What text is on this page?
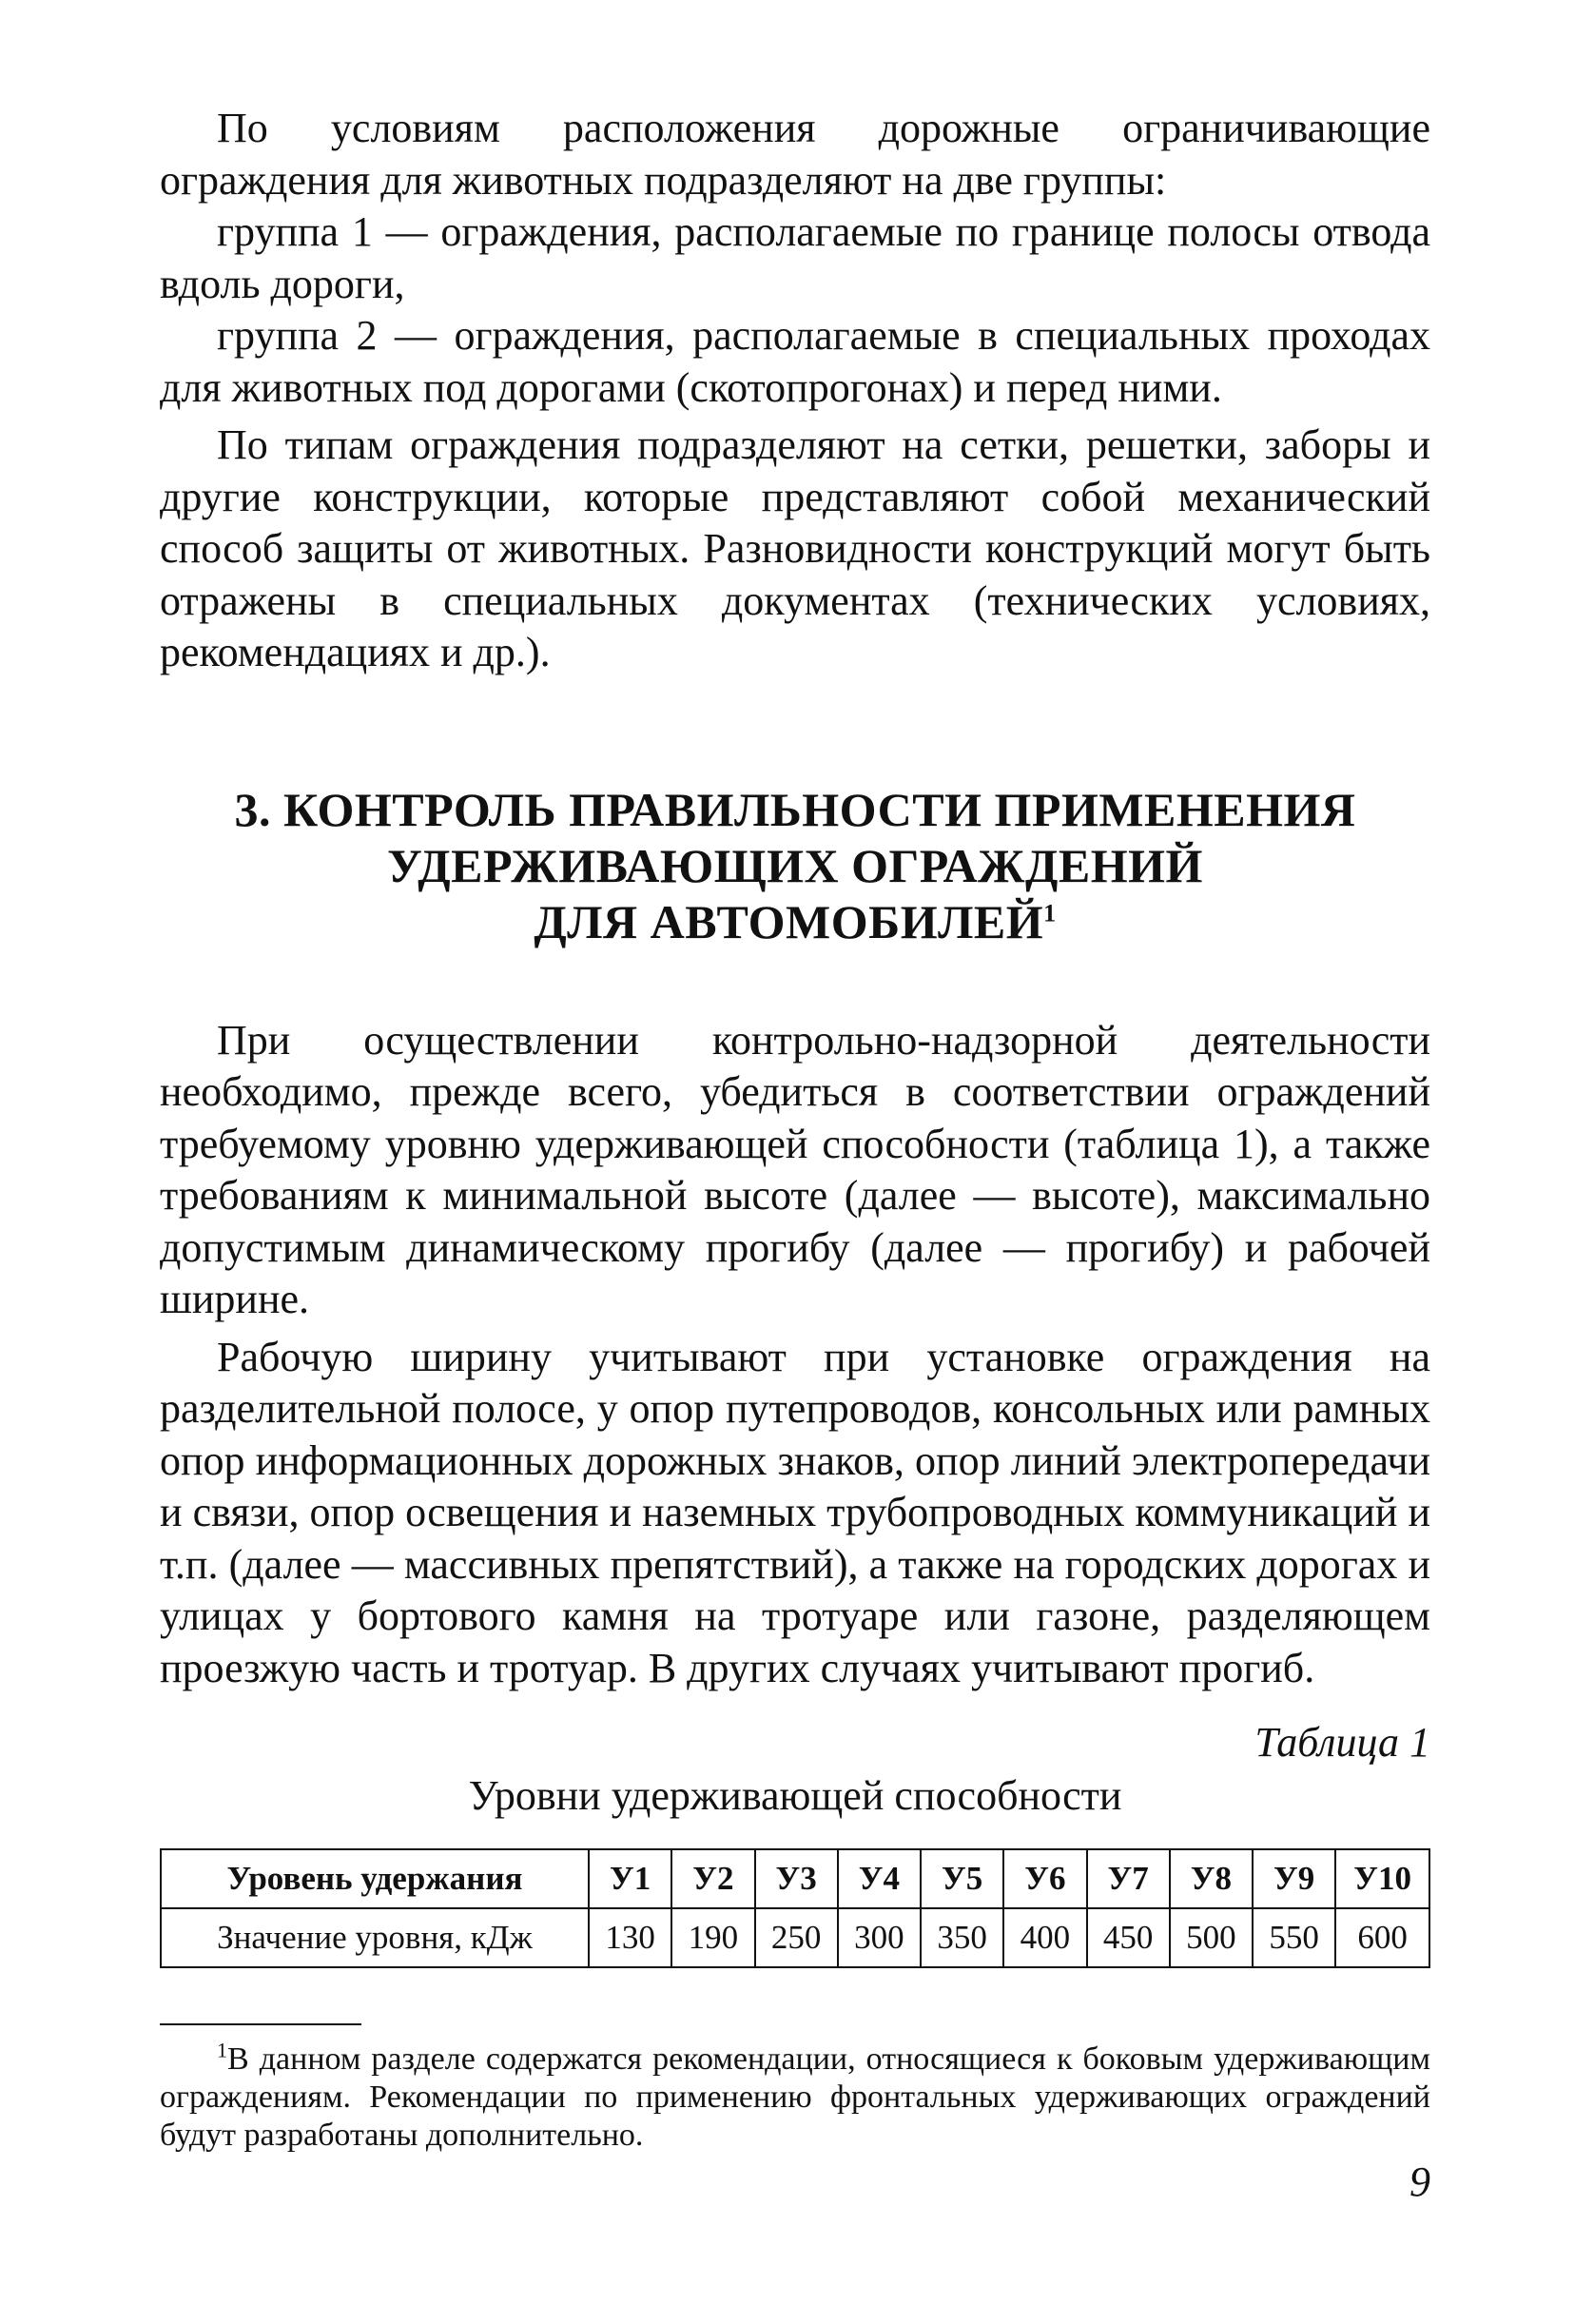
По условиям расположения дорожные ограничивающие ограждения для животных подразделяют на две группы:

группа 1 — ограждения, располагаемые по границе полосы отвода вдоль дороги,

группа 2 — ограждения, располагаемые в специальных проходах для животных под дорогами (скотопрогонах) и перед ними.

По типам ограждения подразделяют на сетки, решетки, заборы и другие конструкции, которые представляют собой механический способ защиты от животных. Разновидности конструкций могут быть отражены в специальных документах (технических условиях, рекомендациях и др.).

3. КОНТРОЛЬ ПРАВИЛЬНОСТИ ПРИМЕНЕНИЯ
УДЕРЖИВАЮЩИХ ОГРАЖДЕНИЙ
ДЛЯ АВТОМОБИЛЕЙ$^1$

При осуществлении контрольно-надзорной деятельности необходимо, прежде всего, убедиться в соответствии ограждений требуемому уровню удерживающей способности (таблица 1), а также требованиям к минимальной высоте (далее — высоте), максимально допустимым динамическому прогибу (далее — прогибу) и рабочей ширине.

Рабочую ширину учитывают при установке ограждения на разделительной полосе, у опор путепроводов, консольных или рамных опор информационных дорожных знаков, опор линий электропередачи и связи, опор освещения и наземных трубопроводных коммуникаций и т.п. (далее — массивных препятствий), а также на городских дорогах и улицах у бортового камня на тротуаре или газоне, разделяющем проезжую часть и тротуар. В других случаях учитывают прогиб.

Таблица 1
Уровни удерживающей способности
Уровень удержания	У1	У2	У3	У4	У5	У6	У7	У8	У9	У10
Значение уровня, кДж	130	190	250	300	350	400	450	500	550	600
$^1$В данном разделе содержатся рекомендации, относящиеся к боковым удерживающим ограждениям. Рекомендации по применению фронтальных удерживающих ограждений будут разработаны дополнительно.
9
